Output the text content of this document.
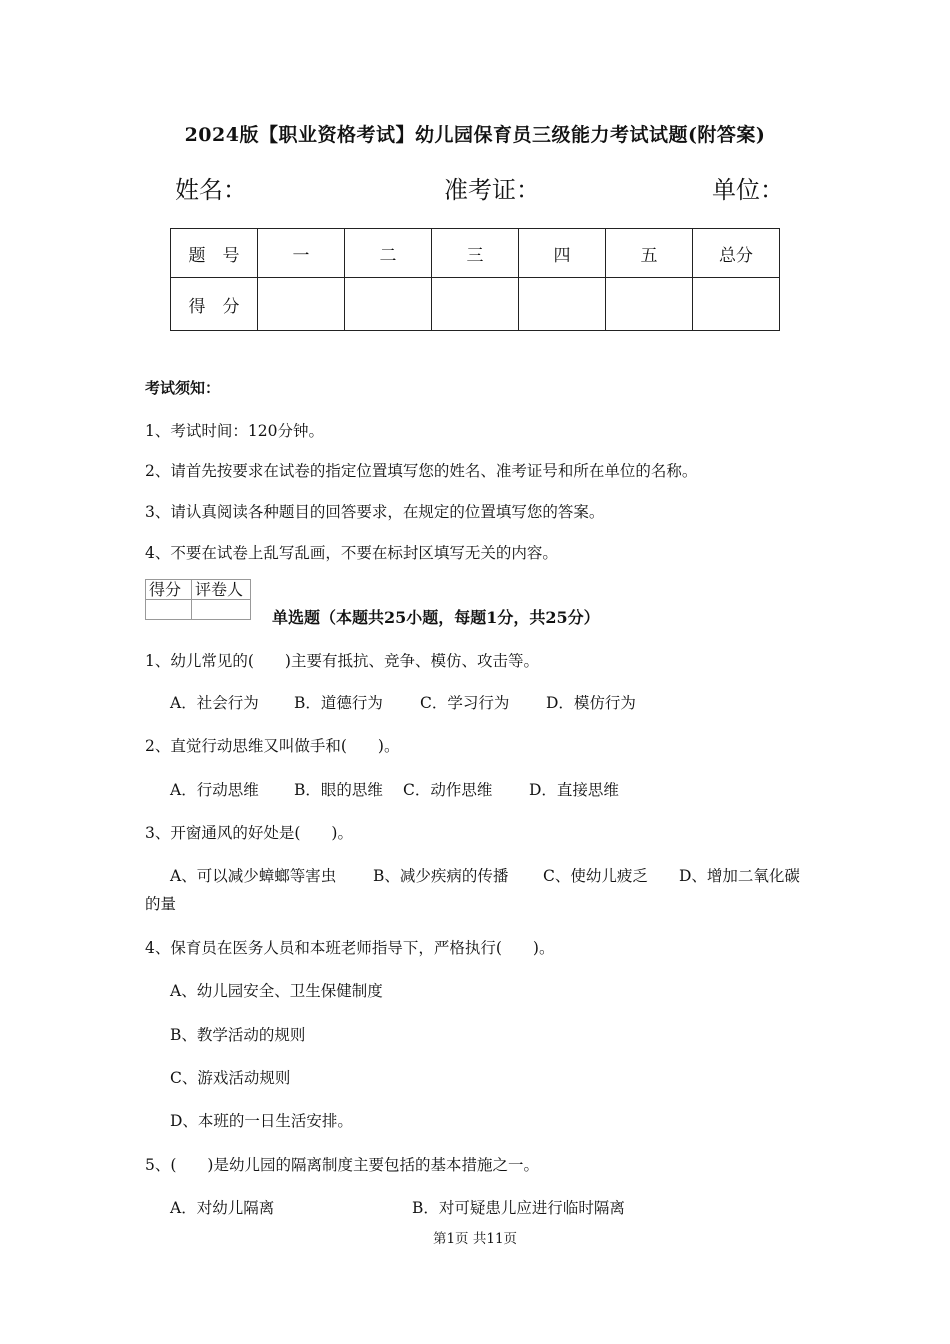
2024版【职业资格考试】幼儿园保育员三级能力考试试题(附答案)
姓名：	准考证：	单位：
题　号	一	二	三	四	五	总分
得　分						
考试须知：
1、考试时间：120分钟。
2、请首先按要求在试卷的指定位置填写您的姓名、准考证号和所在单位的名称。
3、请认真阅读各种题目的回答要求，在规定的位置填写您的答案。
4、不要在试卷上乱写乱画，不要在标封区填写无关的内容。
得分	评卷人

单选题（本题共25小题，每题1分，共25分）
1、幼儿常见的(　　)主要有抵抗、竞争、模仿、攻击等。
A．社会行为 B．道德行为 C．学习行为 D．模仿行为
2、直觉行动思维又叫做手和(　　)。
A．行动思维 B．眼的思维 C．动作思维 D．直接思维
3、开窗通风的好处是(　　)。
A、可以减少蟑螂等害虫 B、减少疾病的传播 C、使幼儿疲乏 D、增加二氧化碳
的量
4、保育员在医务人员和本班老师指导下，严格执行(　　)。
A、幼儿园安全、卫生保健制度
B、教学活动的规则
C、游戏活动规则
D、本班的一日生活安排。
5、(　　)是幼儿园的隔离制度主要包括的基本措施之一。
A．对幼儿隔离	B．对可疑患儿应进行临时隔离
第1页 共11页
